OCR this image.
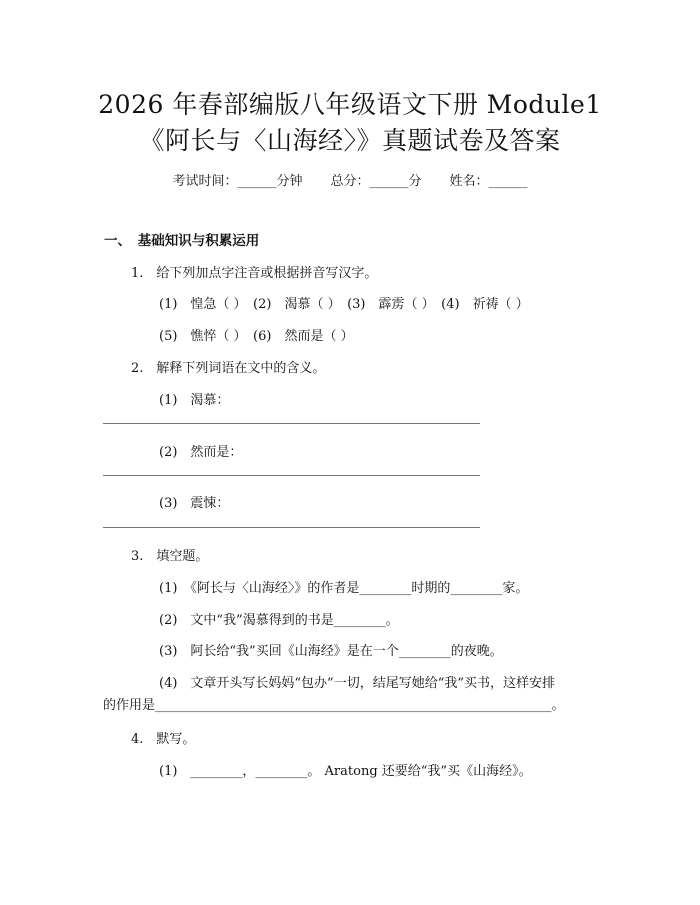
2026 年春部编版八年级语文下册 Module1
《阿长与〈山海经〉》真题试卷及答案
考试时间：______分钟 总分：______分 姓名：______
一、　基础知识与积累运用
1.　给下列加点字注音或根据拼音写汉字。
(1)　惶急（ ）　(2)　渴慕（ ）　(3)　霹雳（ ）　(4)　祈祷（ ）
(5)　憔悴（ ）　(6)　然而是（ ）
2.　解释下列词语在文中的含义。
(1)　渴慕：
(2)　然而是：
(3)　震悚：
3.　填空题。
(1)　《阿长与〈山海经〉》的作者是________时期的________家。
(2)　文中“我”渴慕得到的书是________。
(3)　阿长给“我”买回《山海经》是在一个________的夜晚。
(4)　文章开头写长妈妈“包办”一切，结尾写她给“我”买书，这样安排
的作用是_____________________________________________________________。
4.　默写。
(1)　________，________。 Aratong 还要给“我”买《山海经》。
